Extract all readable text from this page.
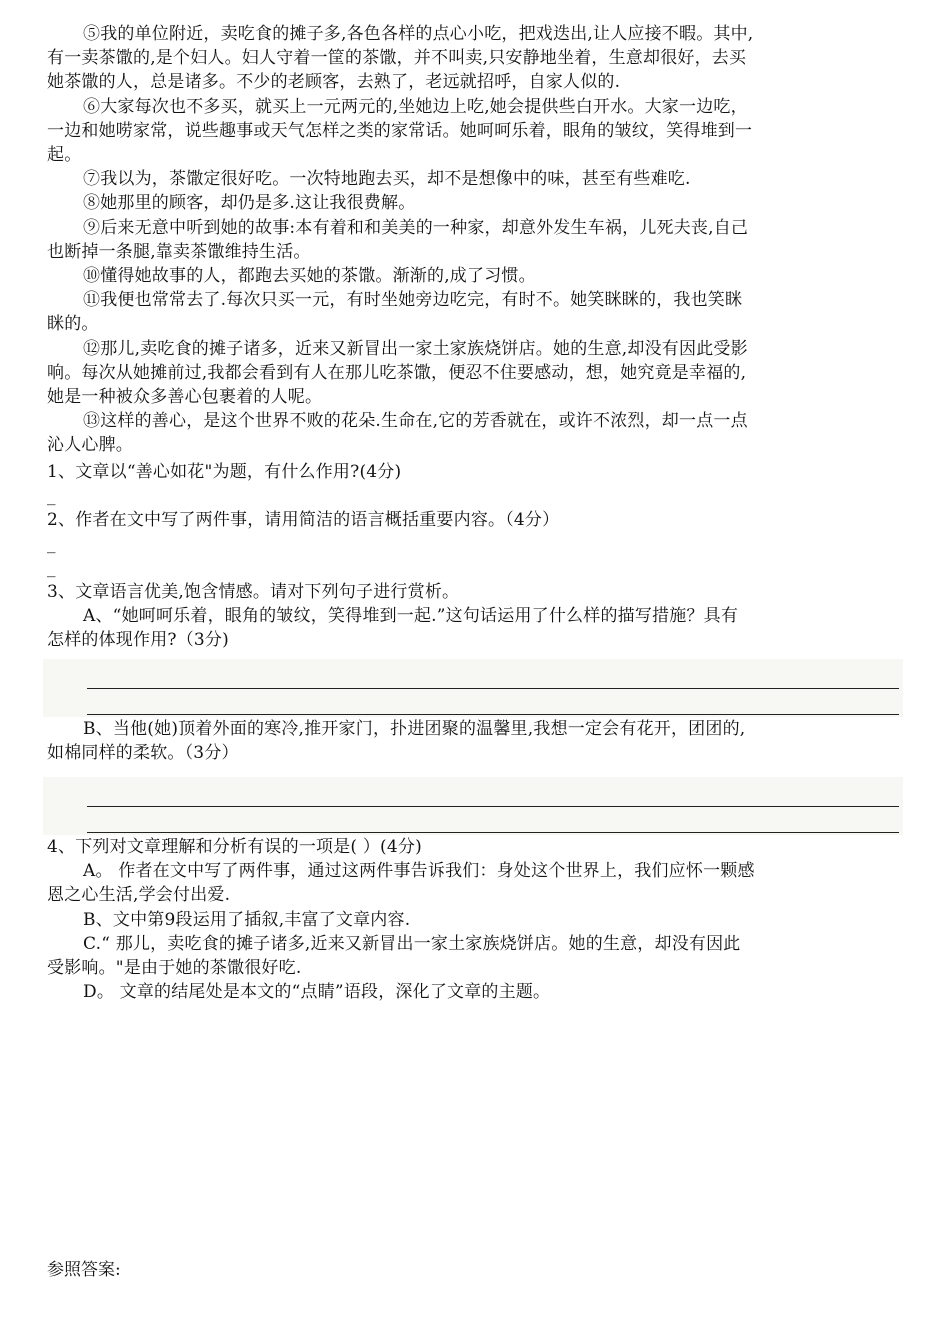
⑤我的单位附近，卖吃食的摊子多,各色各样的点心小吃，把戏迭出,让人应接不暇。其中,
有一卖茶馓的,是个妇人。妇人守着一筐的茶馓，并不叫卖,只安静地坐着，生意却很好，去买
她茶馓的人，总是诸多。不少的老顾客，去熟了，老远就招呼，自家人似的.
⑥大家每次也不多买，就买上一元两元的,坐她边上吃,她会提供些白开水。大家一边吃，
一边和她唠家常，说些趣事或天气怎样之类的家常话。她呵呵乐着，眼角的皱纹，笑得堆到一
起。
⑦我以为，茶馓定很好吃。一次特地跑去买，却不是想像中的味，甚至有些难吃.
⑧她那里的顾客，却仍是多.这让我很费解。
⑨后来无意中听到她的故事:本有着和和美美的一种家，却意外发生车祸，儿死夫丧,自己
也断掉一条腿,靠卖茶馓维持生活。
⑩懂得她故事的人，都跑去买她的茶馓。渐渐的,成了习惯。
⑪我便也常常去了.每次只买一元，有时坐她旁边吃完，有时不。她笑眯眯的，我也笑眯
眯的。
⑫那儿,卖吃食的摊子诸多，近来又新冒出一家土家族烧饼店。她的生意,却没有因此受影
响。每次从她摊前过,我都会看到有人在那儿吃茶馓，便忍不住要感动，想，她究竟是幸福的,
她是一种被众多善心包裹着的人呢。
⑬这样的善心，是这个世界不败的花朵.生命在,它的芳香就在，或许不浓烈，却一点一点
沁人心脾。
1、文章以“善心如花"为题，有什么作用?(4分)
_
2、作者在文中写了两件事，请用简洁的语言概括重要内容。（4分）
_
_
3、文章语言优美,饱含情感。请对下列句子进行赏析。
A、“她呵呵乐着，眼角的皱纹，笑得堆到一起.”这句话运用了什么样的描写措施？具有
怎样的体现作用?（3分)
B、当他(她)顶着外面的寒冷,推开家门，扑进团聚的温馨里,我想一定会有花开，团团的,
如棉同样的柔软。（3分）
4、下列对文章理解和分析有误的一项是( ）(4分)
A。 作者在文中写了两件事，通过这两件事告诉我们：身处这个世界上，我们应怀一颗感
恩之心生活,学会付出爱.
B、文中第9段运用了插叙,丰富了文章内容.
C.“ 那儿，卖吃食的摊子诸多,近来又新冒出一家土家族烧饼店。她的生意，却没有因此
受影响。"是由于她的茶馓很好吃.
D。 文章的结尾处是本文的“点睛”语段，深化了文章的主题。
参照答案:
